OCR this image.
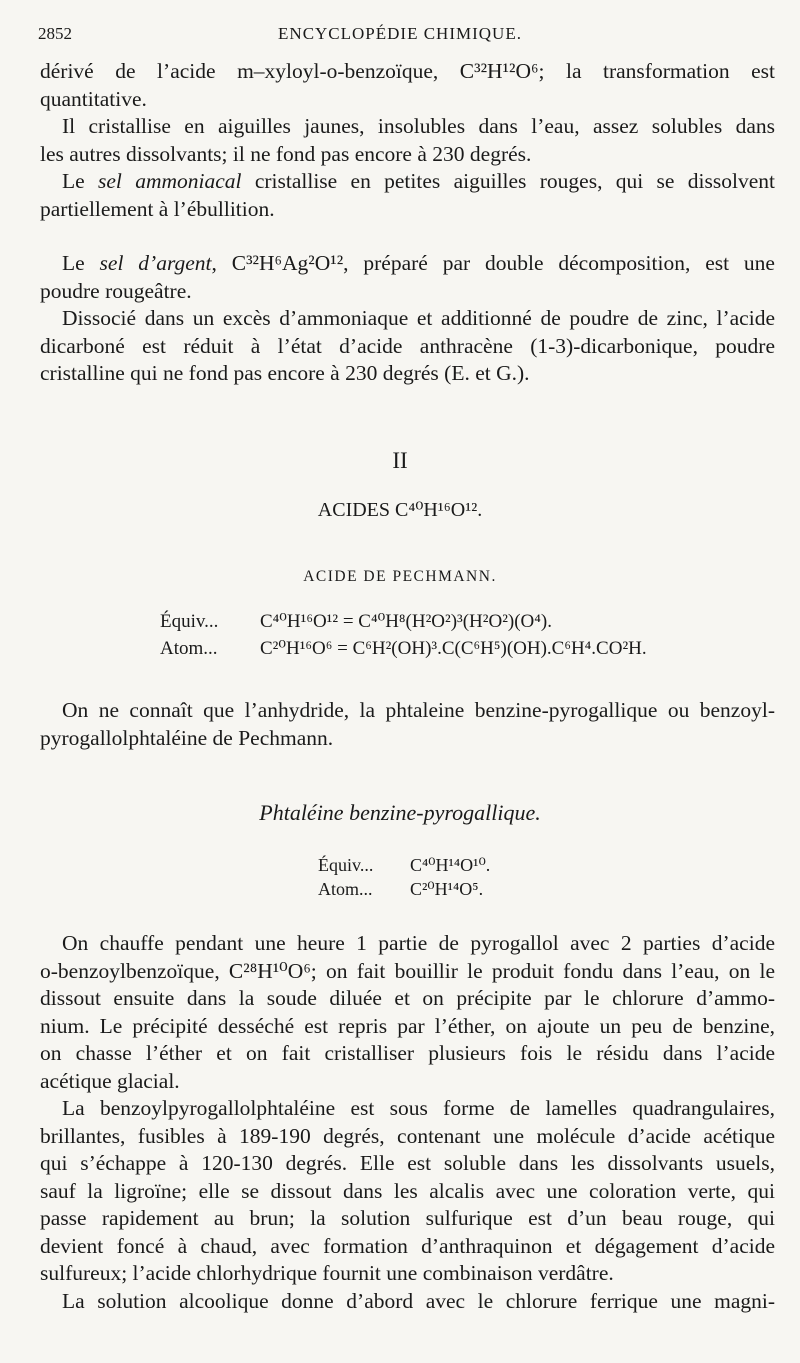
2852	ENCYCLOPÉDIE CHIMIQUE.
dérivé de l’acide m–xyloyl-o-benzoïque, C³²H¹²O⁶; la transformation est
quantitative.
Il cristallise en aiguilles jaunes, insolubles dans l’eau, assez solubles dans
les autres dissolvants; il ne fond pas encore à 230 degrés.
Le sel ammoniacal cristallise en petites aiguilles rouges, qui se dissolvent
partiellement à l’ébullition.
Le sel d’argent, C³²H⁶Ag²O¹², préparé par double décomposition, est une
poudre rougeâtre.
Dissocié dans un excès d’ammoniaque et additionné de poudre de zinc, l’acide
dicarboné est réduit à l’état d’acide anthracène (1-3)-dicarbonique, poudre
cristalline qui ne fond pas encore à 230 degrés (E. et G.).
II
ACIDES C⁴⁰H¹⁶O¹².
ACIDE DE PECHMANN.
Équiv...	C⁴⁰H¹⁶O¹² = C⁴⁰H⁸(H²O²)³(H²O²)(O⁴).
Atom...	C²⁰H¹⁶O⁶ = C⁶H²(OH)³.C(C⁶H⁵)(OH).C⁶H⁴.CO²H.
On ne connaît que l’anhydride, la phtaleine benzine-pyrogallique ou benzoyl-
pyrogallolphtaléine de Pechmann.
Phtaléine benzine-pyrogallique.
Équiv...	C⁴⁰H¹⁴O¹⁰.
Atom...	C²⁰H¹⁴O⁵.
On chauffe pendant une heure 1 partie de pyrogallol avec 2 parties d’acide
o-benzoylbenzoïque, C²⁸H¹⁰O⁶; on fait bouillir le produit fondu dans l’eau, on le
dissout ensuite dans la soude diluée et on précipite par le chlorure d’ammo-
nium. Le précipité desséché est repris par l’éther, on ajoute un peu de benzine,
on chasse l’éther et on fait cristalliser plusieurs fois le résidu dans l’acide
acétique glacial.
La benzoylpyrogallolphtaléine est sous forme de lamelles quadrangulaires,
brillantes, fusibles à 189-190 degrés, contenant une molécule d’acide acétique
qui s’échappe à 120-130 degrés. Elle est soluble dans les dissolvants usuels,
sauf la ligroïne; elle se dissout dans les alcalis avec une coloration verte, qui
passe rapidement au brun; la solution sulfurique est d’un beau rouge, qui
devient foncé à chaud, avec formation d’anthraquinon et dégagement d’acide
sulfureux; l’acide chlorhydrique fournit une combinaison verdâtre.
La solution alcoolique donne d’abord avec le chlorure ferrique une magni-
